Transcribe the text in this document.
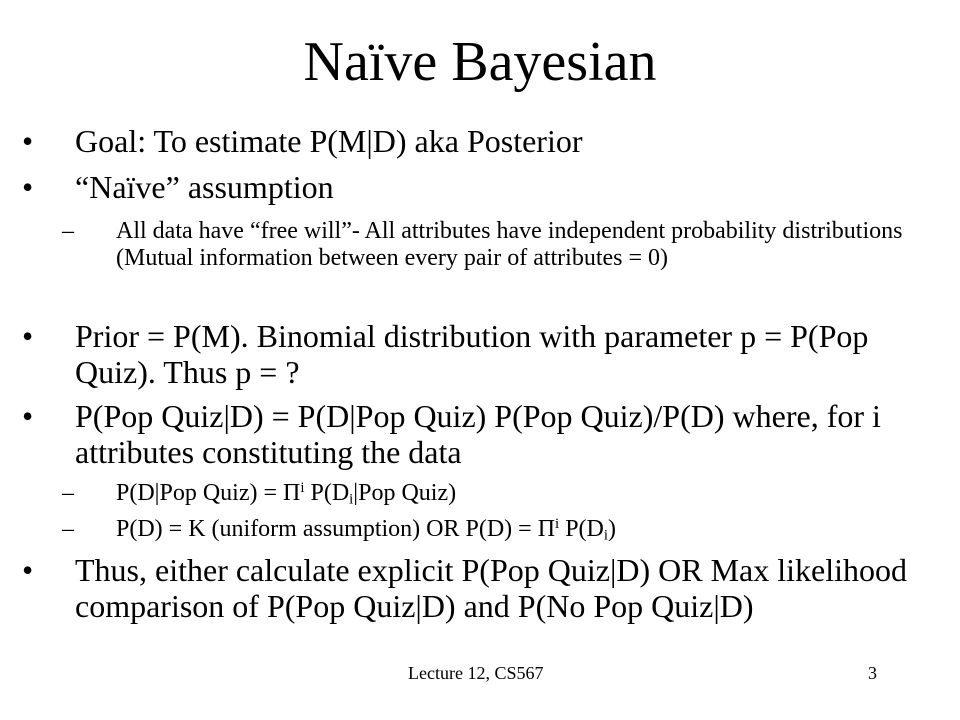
Naïve Bayesian
• Goal: To estimate P(M|D) aka Posterior
• “Naïve” assumption
– All data have “free will”- All attributes have independent probability distributions (Mutual information between every pair of attributes = 0)
• Prior = P(M). Binomial distribution with parameter p = P(Pop Quiz). Thus p = ?
• P(Pop Quiz|D) = P(D|Pop Quiz) P(Pop Quiz)/P(D) where, for i attributes constituting the data
– P(D|Pop Quiz) = $\Pi^i$ $P(D_i|Pop$ Quiz)
– P(D) = K (uniform assumption) OR $P(D) = \Pi^i$ $P(D_i)$
• Thus, either calculate explicit P(Pop Quiz|D) OR Max likelihood comparison of P(Pop Quiz|D) and P(No Pop Quiz|D)
Lecture 12, CS567	3
